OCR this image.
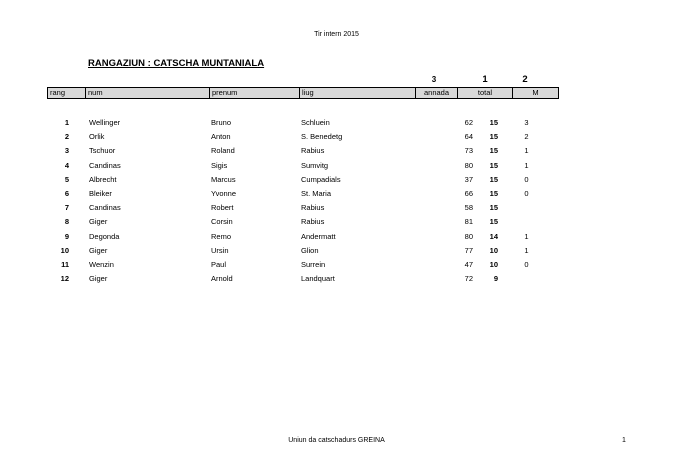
Tir intern 2015
RANGAZIUN : CATSCHA MUNTANIALA
3	1	2
rang	num	prenum	liug	annada	total	M
1	Wellinger	Bruno	Schluein	62	15	3
2	Orlik	Anton	S. Benedetg	64	15	2
3	Tschuor	Roland	Rabius	73	15	1
4	Candinas	Sigis	Sumvitg	80	15	1
5	Albrecht	Marcus	Cumpadials	37	15	0
6	Bleiker	Yvonne	St. Maria	66	15	0
7	Candinas	Robert	Rabius	58	15
8	Giger	Corsin	Rabius	81	15
9	Degonda	Remo	Andermatt	80	14	1
10	Giger	Ursin	Glion	77	10	1
11	Wenzin	Paul	Surrein	47	10	0
12	Giger	Arnold	Landquart	72	9
Uniun da catschadurs GREINA	1
